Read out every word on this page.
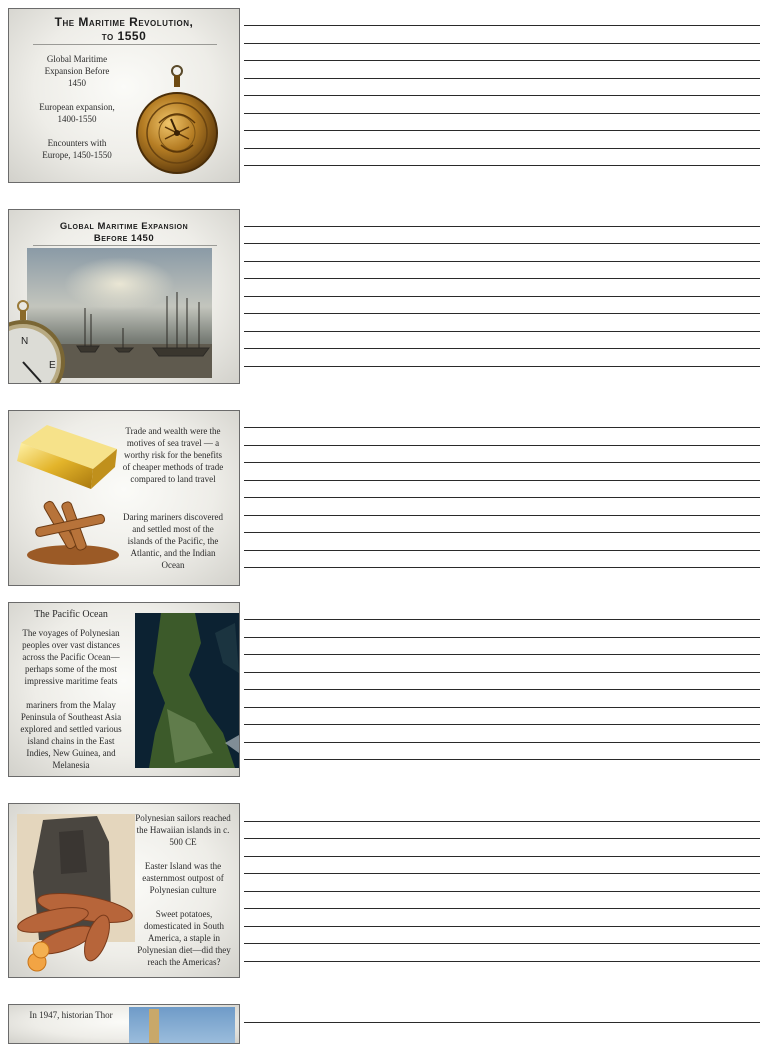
The Maritime Revolution,
to 1550
Global Maritime Expansion Before 1450
European expansion, 1400-1550
Encounters with Europe, 1450-1550
Global Maritime Expansion
Before 1450
N
E
Trade and wealth were the motives of sea travel — a worthy risk for the benefits of cheaper methods of trade compared to land travel
Daring mariners discovered and settled most of the islands of the Pacific, the Atlantic, and the Indian Ocean
The Pacific Ocean
The voyages of Polynesian peoples over vast distances across the Pacific Ocean—perhaps some of the most impressive maritime feats
mariners from the Malay Peninsula of Southeast Asia explored and settled various island chains in the East Indies, New Guinea, and Melanesia
Polynesian sailors reached the Hawaiian islands in c. 500 CE
Easter Island was the easternmost outpost of Polynesian culture
Sweet potatoes, domesticated in South America, a staple in Polynesian diet—did they reach the Americas?
In 1947, historian Thor
